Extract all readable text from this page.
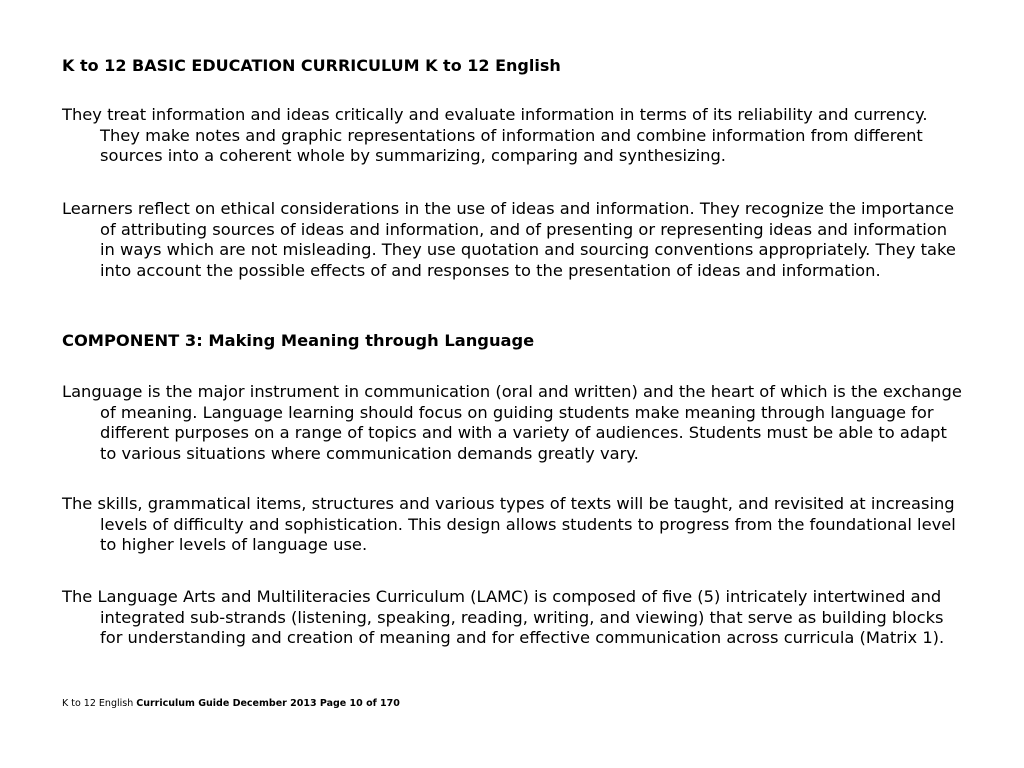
K to 12 BASIC EDUCATION CURRICULUM K to 12 English
They treat information and ideas critically and evaluate information in terms of its reliability and currency. They make notes and graphic representations of information and combine information from different sources into a coherent whole by summarizing, comparing and synthesizing.
Learners reflect on ethical considerations in the use of ideas and information. They recognize the importance of attributing sources of ideas and information, and of presenting or representing ideas and information in ways which are not misleading. They use quotation and sourcing conventions appropriately. They take into account the possible effects of and responses to the presentation of ideas and information.
COMPONENT 3: Making Meaning through Language
Language is the major instrument in communication (oral and written) and the heart of which is the exchange of meaning. Language learning should focus on guiding students make meaning through language for different purposes on a range of topics and with a variety of audiences. Students must be able to adapt to various situations where communication demands greatly vary.
The skills, grammatical items, structures and various types of texts will be taught, and revisited at increasing levels of difficulty and sophistication. This design allows students to progress from the foundational level to higher levels of language use.
The Language Arts and Multiliteracies Curriculum (LAMC) is composed of five (5) intricately intertwined and integrated sub-strands (listening, speaking, reading, writing, and viewing) that serve as building blocks for understanding and creation of meaning and for effective communication across curricula (Matrix 1).
K to 12 English Curriculum Guide December 2013 Page 10 of 170
